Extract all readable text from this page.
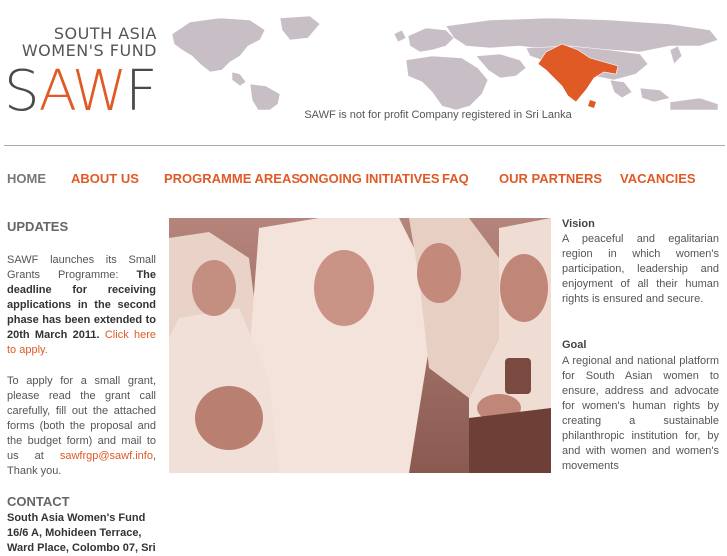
SOUTH ASIA
WOMEN'S FUND
SAWF	SAWF is not for profit Company registered in Sri Lanka
HOME ABOUT US PROGRAMME AREAS
ONGOING INITIATIVES FAQ OUR PARTNERS VACANCIES
UPDATES
SAWF launches its Small Grants Programme: The deadline for receiving applications in the second phase has been extended to 20th March 2011. Click here to apply.
To apply for a small grant, please read the grant call carefully, fill out the attached forms (both the proposal and the budget form) and mail to us at sawfrgp@sawf.info, Thank you.
CONTACT
South Asia Women's Fund
16/6 A, Mohideen Terrace,
Ward Place, Colombo 07, Sri
Vision
A peaceful and egalitarian region in which women's participation, leadership and enjoyment of all their human rights is ensured and secure.
Goal
A regional and national platform for South Asian women to ensure, address and advocate for women's human rights by creating a sustainable philanthropic institution for, by and with women and women's movements
